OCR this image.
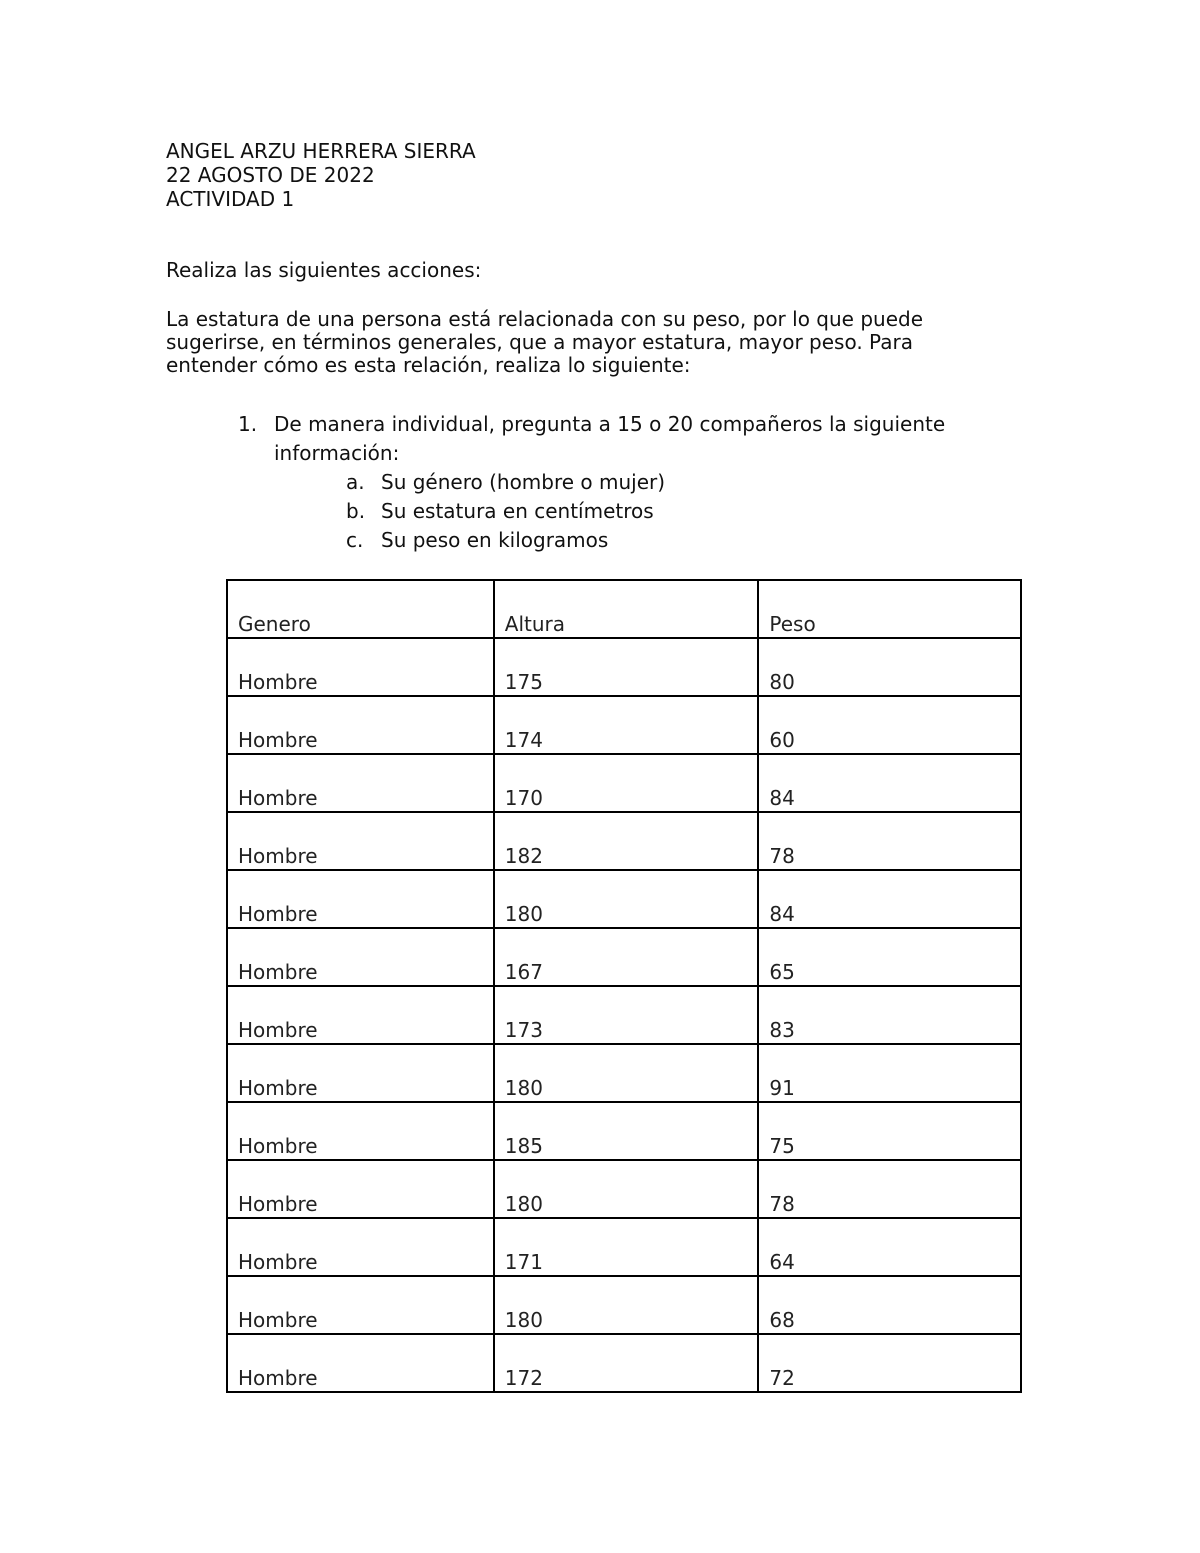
ANGEL ARZU HERRERA SIERRA
22 AGOSTO DE 2022
ACTIVIDAD 1
Realiza las siguientes acciones:
La estatura de una persona está relacionada con su peso, por lo que puede
sugerirse, en términos generales, que a mayor estatura, mayor peso. Para
entender cómo es esta relación, realiza lo siguiente:
1. De manera individual, pregunta a 15 o 20 compañeros la siguiente información:
a. Su género (hombre o mujer)
b. Su estatura en centímetros
c. Su peso en kilogramos
Genero	Altura	Peso
Hombre	175	80
Hombre	174	60
Hombre	170	84
Hombre	182	78
Hombre	180	84
Hombre	167	65
Hombre	173	83
Hombre	180	91
Hombre	185	75
Hombre	180	78
Hombre	171	64
Hombre	180	68
Hombre	172	72
